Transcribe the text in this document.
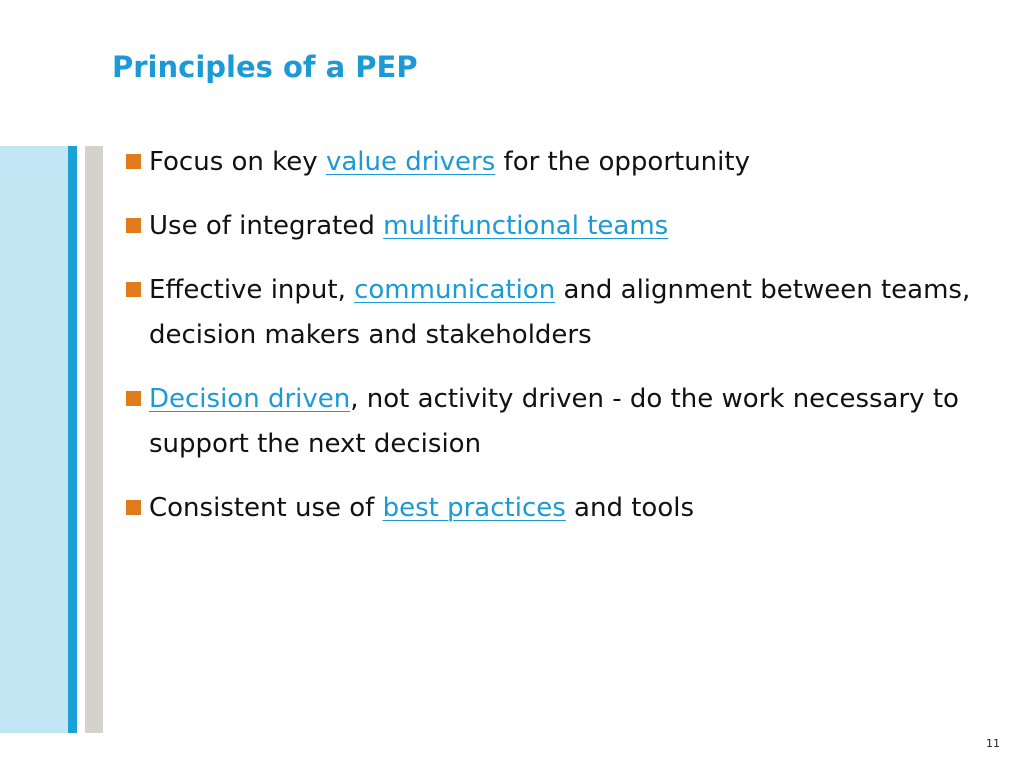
Principles of a PEP
Focus on key value drivers for the opportunity
Use of integrated multifunctional teams
Effective input, communication and alignment between teams, decision makers and stakeholders
Decision driven, not activity driven - do the work necessary to support the next decision
Consistent use of best practices and tools
11
